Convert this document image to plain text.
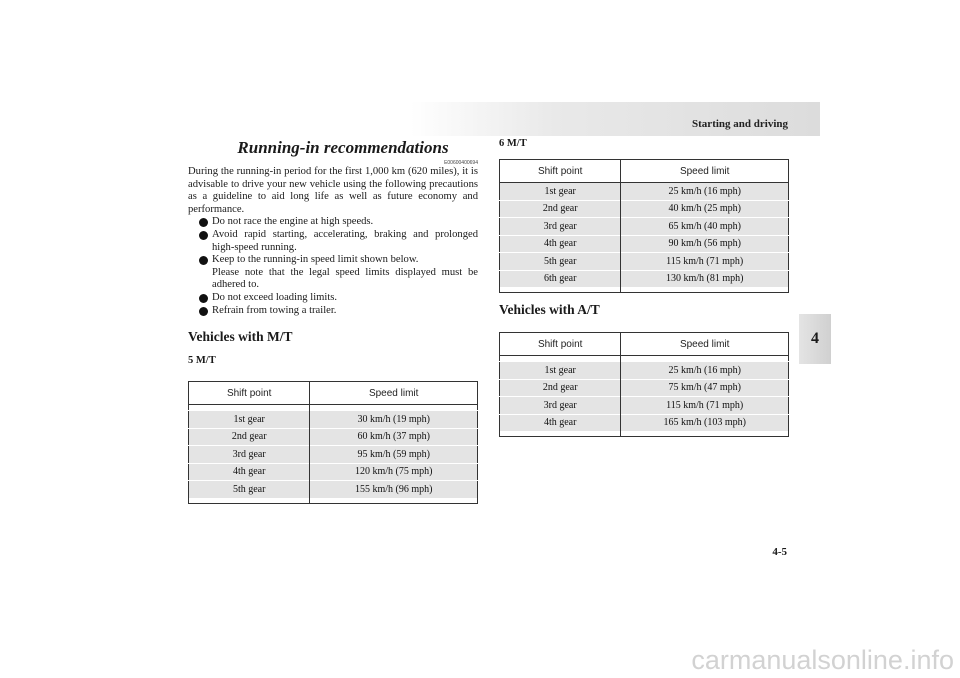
Starting and driving
4
4-5
Running-in recommendations
E00600400694

During the running-in period for the first 1,000 km (620 miles), it is advisable to drive your new vehicle using the following precautions as a guideline to aid long life as well as future economy and performance.

Do not race the engine at high speeds.
Avoid rapid starting, accelerating, braking and prolonged high-speed running.
Keep to the running-in speed limit shown below.
Please note that the legal speed limits displayed must be adhered to.
Do not exceed loading limits.
Refrain from towing a trailer.
Vehicles with M/T
5 M/T
Shift point	Speed limit

1st gear	30 km/h (19 mph)
2nd gear	60 km/h (37 mph)
3rd gear	95 km/h (59 mph)
4th gear	120 km/h (75 mph)
5th gear	155 km/h (96 mph)

6 M/T
Shift point	Speed limit
1st gear	25 km/h (16 mph)
2nd gear	40 km/h (25 mph)
3rd gear	65 km/h (40 mph)
4th gear	90 km/h (56 mph)
5th gear	115 km/h (71 mph)
6th gear	130 km/h (81 mph)

Vehicles with A/T
Shift point	Speed limit

1st gear	25 km/h (16 mph)
2nd gear	75 km/h (47 mph)
3rd gear	115 km/h (71 mph)
4th gear	165 km/h (103 mph)

carmanualsonline.info
